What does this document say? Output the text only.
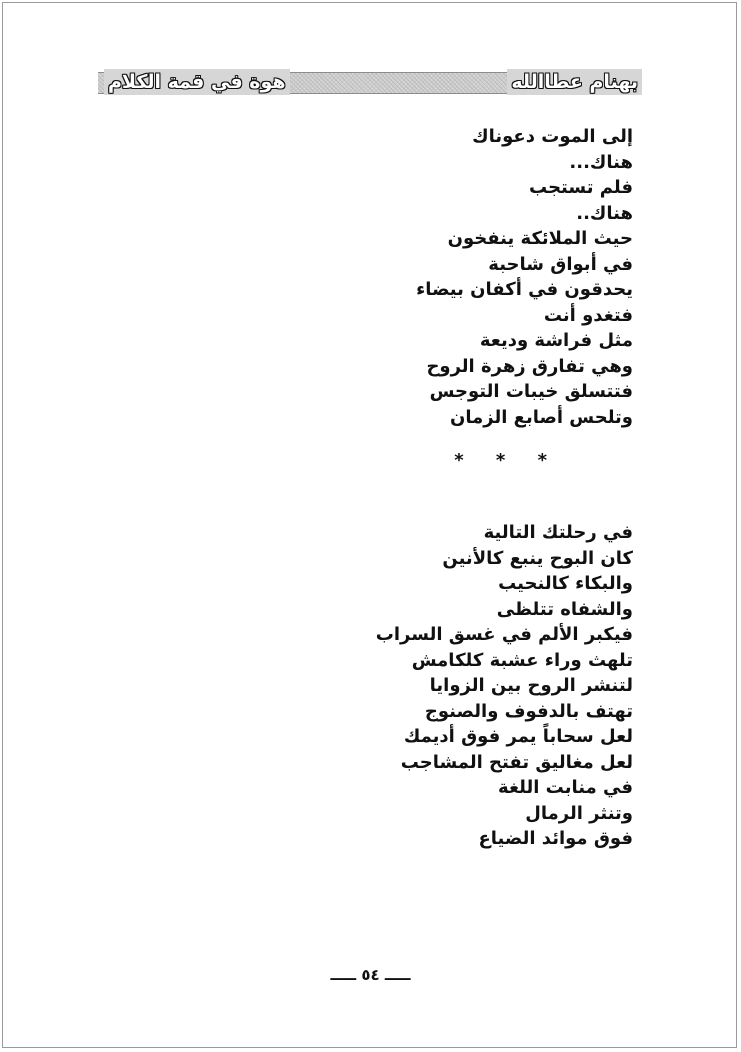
بهنام عطاالله
هوة في قمة الكلام
إلى الموت دعوناك
هناك...
فلم تستجب
هناك..
حيث الملائكة ينفخون
في أبواق شاحبة
يحدقون في أكفان بيضاء
فتغدو أنت
مثل فراشة وديعة
وهي تفارق زهرة الروح
فتتسلق خيبات التوجس
وتلحس أصابع الزمان
* * *
في رحلتك التالية
كان البوح ينبع كالأنين
والبكاء كالنحيب
والشفاه تتلظى
فيكبر الألم في غسق السراب
تلهث وراء عشبة كلكامش
لتنشر الروح بين الزوايا
تهتف بالدفوف والصنوج
لعل سحاباً يمر فوق أديمك
لعل مغاليق تفتح المشاجب
في منابت اللغة
وتنثر الرمال
فوق موائد الضياع
ـــــ ٥٤ ـــــ
